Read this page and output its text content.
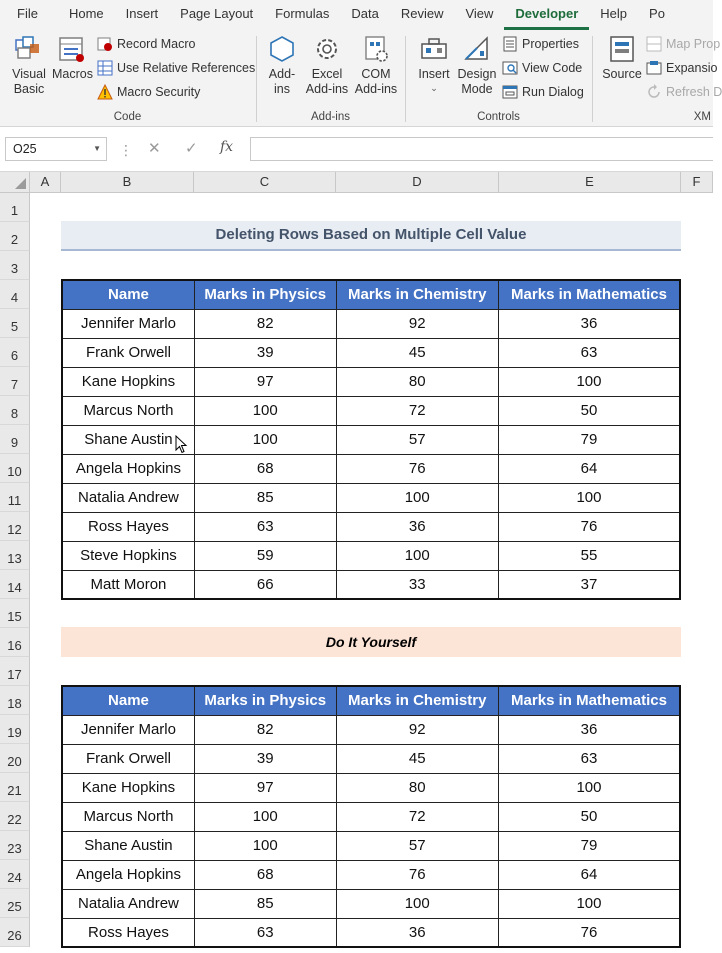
File	Home	Insert	Page Layout	Formulas	Data	Review	View	Developer	Help	Po
Visual
Basic
Macros
Record Macro
Use Relative References
Macro Security
Code
Add-
ins
Excel
Add-ins
COM
Add-ins
Add-ins
Insert
⌄
Design
Mode
Properties
View Code
Run Dialog
Controls
Source
Map Prop
Expansio
Refresh D
XM
O25	▼ ⋮ ✕ ✓ fx
Deleting Rows Based on Multiple Cell Value
Name	Marks in Physics	Marks in Chemistry	Marks in Mathematics
Jennifer Marlo	82	92	36
Frank Orwell	39	45	63
Kane Hopkins	97	80	100
Marcus North	100	72	50
Shane Austin	100	57	79
Angela Hopkins	68	76	64
Natalia Andrew	85	100	100
Ross Hayes	63	36	76
Steve Hopkins	59	100	55
Matt Moron	66	33	37
Do It Yourself
Name	Marks in Physics	Marks in Chemistry	Marks in Mathematics
Jennifer Marlo	82	92	36
Frank Orwell	39	45	63
Kane Hopkins	97	80	100
Marcus North	100	72	50
Shane Austin	100	57	79
Angela Hopkins	68	76	64
Natalia Andrew	85	100	100
Ross Hayes	63	36	76
A	B	C	D	E	F
1
2
3
4
5
6
7
8
9
10
11
12
13
14
15
16
17
18
19
20
21
22
23
24
25
26
